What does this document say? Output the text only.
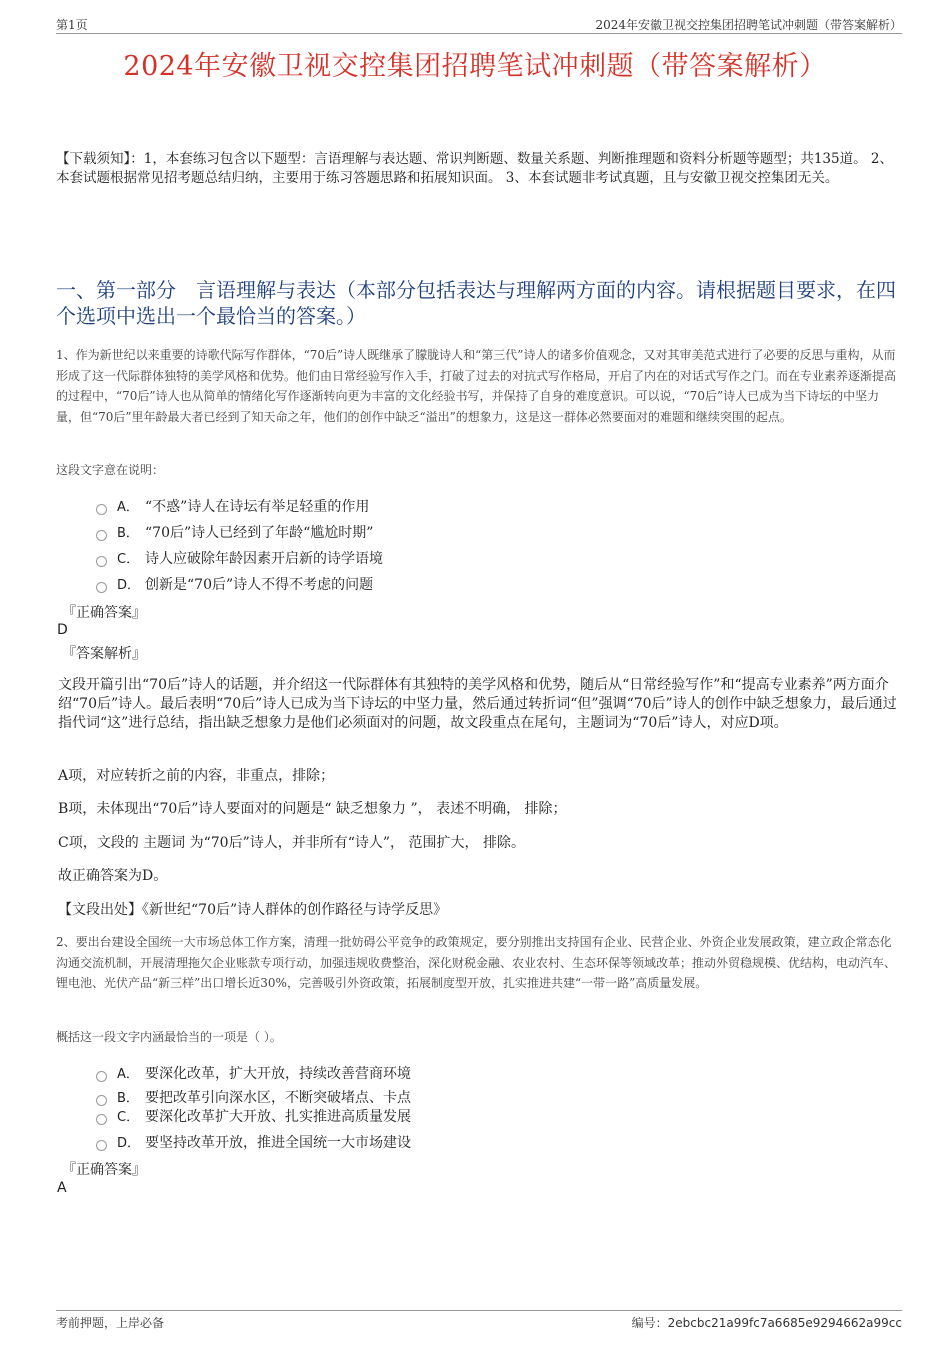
第1页	2024年安徽卫视交控集团招聘笔试冲刺题（带答案解析）
2024年安徽卫视交控集团招聘笔试冲刺题（带答案解析）
【下载须知】：1，本套练习包含以下题型：言语理解与表达题、常识判断题、数量关系题、判断推理题和资料分析题等题型；共135道。 2、本套试题根据常见招考题总结归纳，主要用于练习答题思路和拓展知识面。 3、本套试题非考试真题，且与安徽卫视交控集团无关。
一、第一部分　言语理解与表达（本部分包括表达与理解两方面的内容。请根据题目要求，在四个选项中选出一个最恰当的答案。）
1、作为新世纪以来重要的诗歌代际写作群体，“70后”诗人既继承了朦胧诗人和“第三代”诗人的诸多价值观念，又对其审美范式进行了必要的反思与重构，从而形成了这一代际群体独特的美学风格和优势。他们由日常经验写作入手，打破了过去的对抗式写作格局，开启了内在的对话式写作之门。而在专业素养逐渐提高的过程中，“70后”诗人也从简单的情绪化写作逐渐转向更为丰富的文化经验书写，并保持了自身的难度意识。可以说，“70后”诗人已成为当下诗坛的中坚力量，但“70后”里年龄最大者已经到了知天命之年，他们的创作中缺乏“溢出”的想象力，这是这一群体必然要面对的难题和继续突围的起点。
这段文字意在说明：
A． “不惑”诗人在诗坛有举足轻重的作用
B． “70后”诗人已经到了年龄“尴尬时期”
C． 诗人应破除年龄因素开启新的诗学语境
D． 创新是“70后”诗人不得不考虑的问题
『正确答案』
D
『答案解析』
文段开篇引出“70后”诗人的话题，并介绍这一代际群体有其独特的美学风格和优势，随后从“日常经验写作”和“提高专业素养”两方面介绍“70后”诗人。最后表明“70后”诗人已成为当下诗坛的中坚力量，然后通过转折词“但”强调“70后”诗人的创作中缺乏想象力，最后通过指代词“这”进行总结，指出缺乏想象力是他们必须面对的问题，故文段重点在尾句，主题词为“70后”诗人，对应D项。
A项，对应转折之前的内容，非重点，排除；
B项，未体现出“70后”诗人要面对的问题是“ 缺乏想象力 ”， 表述不明确， 排除；
C项，文段的 主题词 为“70后”诗人，并非所有“诗人”， 范围扩大， 排除。
故正确答案为D。
【文段出处】《新世纪“70后”诗人群体的创作路径与诗学反思》
2、要出台建设全国统一大市场总体工作方案，清理一批妨碍公平竞争的政策规定，要分别推出支持国有企业、民营企业、外资企业发展政策，建立政企常态化沟通交流机制，开展清理拖欠企业账款专项行动，加强违规收费整治，深化财税金融、农业农村、生态环保等领域改革；推动外贸稳规模、优结构，电动汽车、锂电池、光伏产品“新三样”出口增长近30%，完善吸引外资政策，拓展制度型开放，扎实推进共建“一带一路”高质量发展。
概括这一段文字内涵最恰当的一项是（ ）。
A． 要深化改革，扩大开放，持续改善营商环境
B． 要把改革引向深水区，不断突破堵点、卡点
C． 要深化改革扩大开放、扎实推进高质量发展
D． 要坚持改革开放，推进全国统一大市场建设
『正确答案』
A
考前押题，上岸必备	编号：2ebcbc21a99fc7a6685e9294662a99cc
